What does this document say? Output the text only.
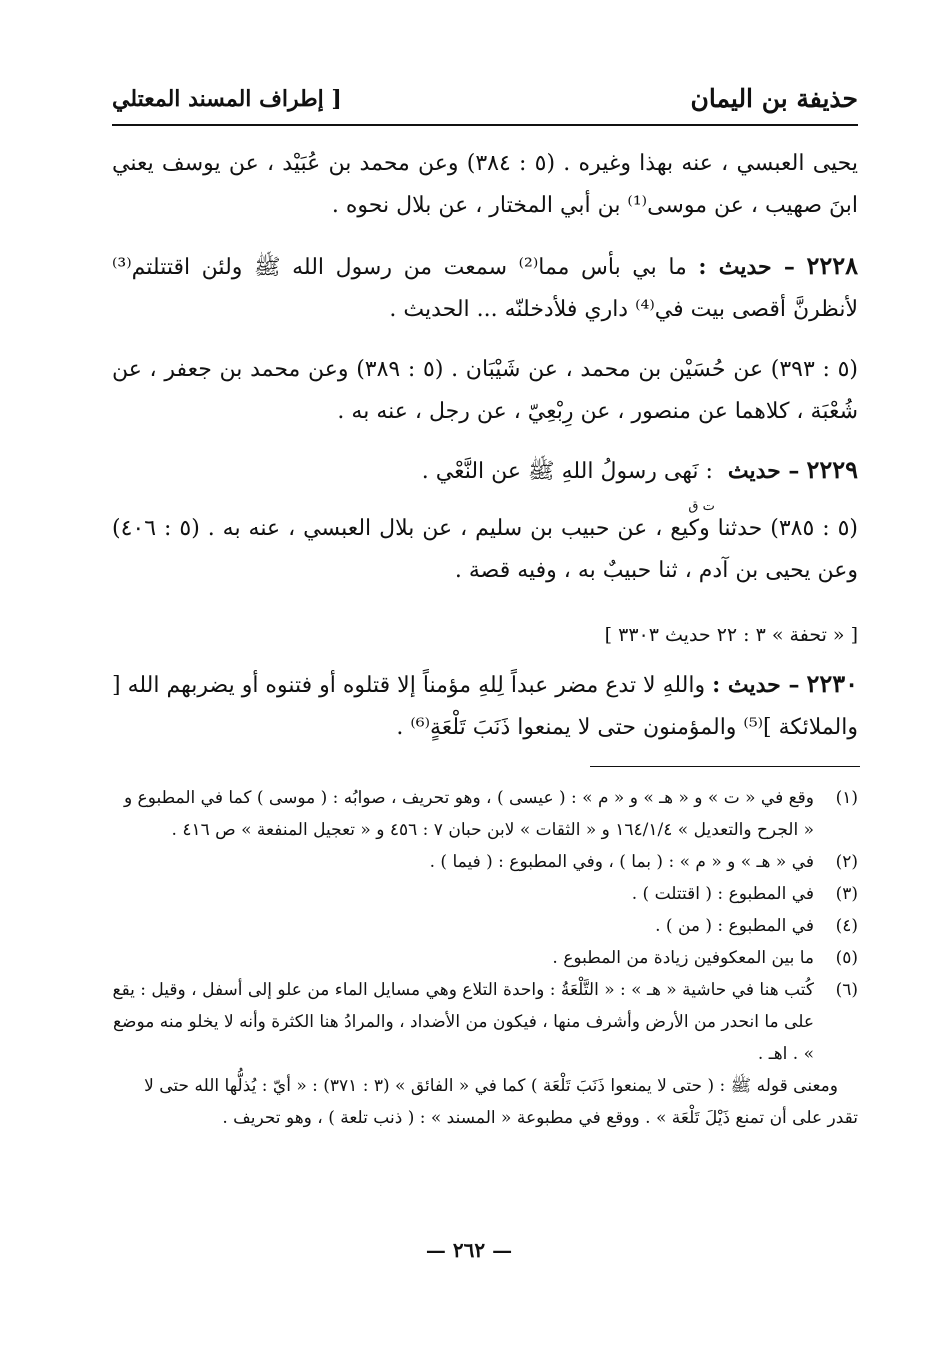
حذيفة بن اليمان
[ إطراف المسند المعتلي

يحيى العبسي ، عنه بهذا وغيره . (٥ : ٣٨٤) وعن محمد بن عُبَيْد ، عن يوسف يعني ابنَ صهيب ، عن موسى⁽¹⁾ بن أبي المختار ، عن بلال نحوه .

٢٢٢٨ – حديث : ما بي بأس مما⁽²⁾ سمعت من رسول الله ﷺ ولئن اقتتلتم⁽³⁾ لأنظرنَّ أقصى بيت في⁽⁴⁾ داري فلأدخلنّه ... الحديث .

(٥ : ٣٩٣) عن حُسَيْن بن محمد ، عن شَيْبَان . (٥ : ٣٨٩) وعن محمد بن جعفر ، عن شُعْبَة ، كلاهما عن منصور ، عن رِبْعِيّ ، عن رجل ، عنه به .

٢٢٢٩ – حديث
ت ق
: نَهى رسولُ اللهِ ﷺ عن النَّعْي .

(٥ : ٣٨٥) حدثنا وكيع ، عن حبيب بن سليم ، عن بلال العبسي ، عنه به . (٥ : ٤٠٦) وعن يحيى بن آدم ، ثنا حبيبٌ به ، وفيه قصة .

[ « تحفة » ٣ : ٢٢ حديث ٣٣٠٣ ]

٢٢٣٠ – حديث : واللهِ لا تدع مضر عبداً لِلهِ مؤمناً إلا قتلوه أو فتنوه أو يضربهم الله [ والملائكة ]⁽⁵⁾ والمؤمنون حتى لا يمنعوا ذَنَبَ تَلْعَةٍ⁽⁶⁾ .

(١)
وقع في « ت » و « هـ » و « م » : ( عيسى ) ، وهو تحريف ، صوابُه : ( موسى ) كما في المطبوع و « الجرح والتعديل » ١٦٤/١/٤ و « الثقات » لابن حبان ٧ : ٤٥٦ و « تعجيل المنفعة » ص ٤١٦ .
(٢)
في « هـ » و « م » : ( بما ) ، وفي المطبوع : ( فيما ) .
(٣)
في المطبوع : ( اقتتلت ) .
(٤)
في المطبوع : ( من ) .
(٥)
ما بين المعكوفين زيادة من المطبوع .
(٦)
كُتب هنا في حاشية « هـ » : « التَّلْعَةُ : واحدة التلاع وهي مسايل الماء من علو إلى أسفل ، وقيل : يقع على ما انحدر من الأرض وأشرف منها ، فيكون من الأضداد ، والمرادُ هنا الكثرة وأنه لا يخلو منه موضع » . اهـ .
ومعنى قوله ﷺ : ( حتى لا يمنعوا ذَنَبَ تَلْعَة ) كما في « الفائق » (٣ : ٣٧١) : « أيّ : يُذلُّها الله حتى لا تقدر على أن تمنع ذَيْلَ تَلْعَة » . ووقع في مطبوعة « المسند » : ( ذنب تلعة ) ، وهو تحريف .
— ٢٦٢ —
